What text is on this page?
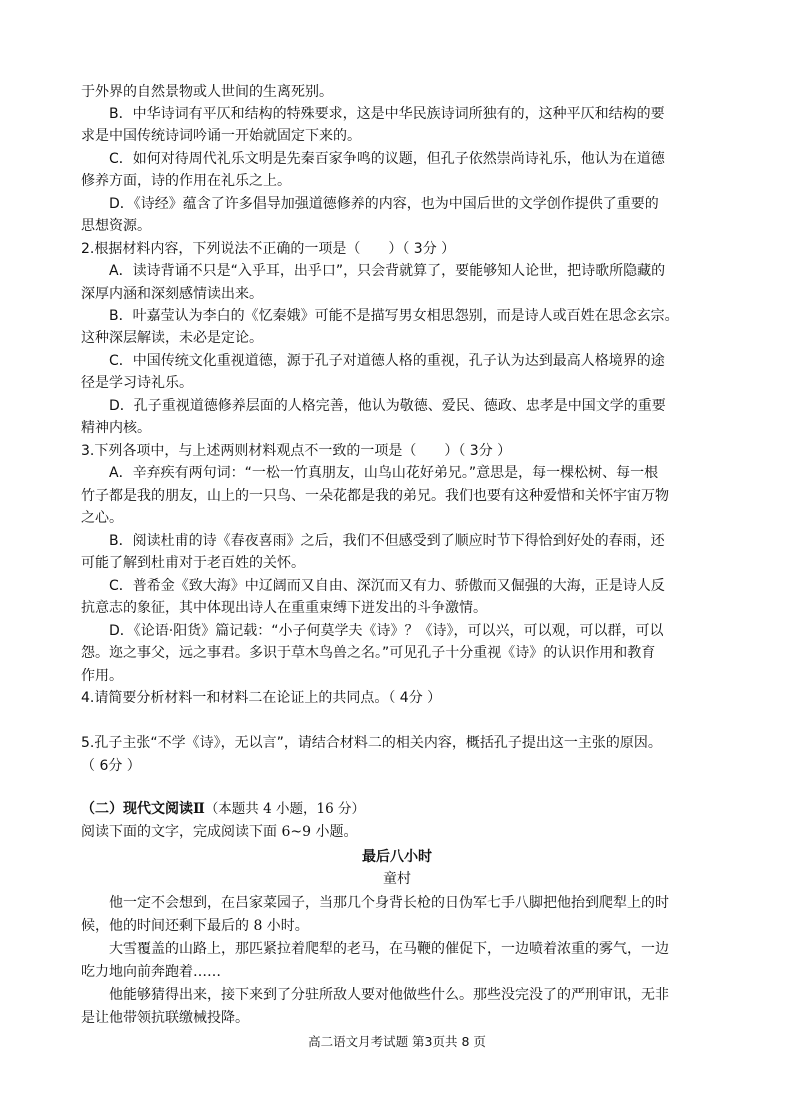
于外界的自然景物或人世间的生离死别。
B．中华诗词有平仄和结构的特殊要求，这是中华民族诗词所独有的，这种平仄和结构的要
求是中国传统诗词吟诵一开始就固定下来的。
C．如何对待周代礼乐文明是先秦百家争鸣的议题，但孔子依然崇尚诗礼乐，他认为在道德
修养方面，诗的作用在礼乐之上。
D．《诗经》蕴含了许多倡导加强道德修养的内容，也为中国后世的文学创作提供了重要的
思想资源。
2.根据材料内容，下列说法不正确的一项是（　　）（ 3分 ）
A．读诗背诵不只是“入乎耳，出乎口”，只会背就算了，要能够知人论世，把诗歌所隐藏的
深厚内涵和深刻感情读出来。
B．叶嘉莹认为李白的《忆秦娥》可能不是描写男女相思怨别，而是诗人或百姓在思念玄宗。
这种深层解读，未必是定论。
C．中国传统文化重视道德，源于孔子对道德人格的重视，孔子认为达到最高人格境界的途
径是学习诗礼乐。
D．孔子重视道德修养层面的人格完善，他认为敬德、爱民、德政、忠孝是中国文学的重要
精神内核。
3.下列各项中，与上述两则材料观点不一致的一项是（　　）（ 3分 ）
A．辛弃疾有两句词：“一松一竹真朋友，山鸟山花好弟兄。”意思是，每一棵松树、每一根
竹子都是我的朋友，山上的一只鸟、一朵花都是我的弟兄。我们也要有这种爱惜和关怀宇宙万物
之心。
B．阅读杜甫的诗《春夜喜雨》之后，我们不但感受到了顺应时节下得恰到好处的春雨，还
可能了解到杜甫对于老百姓的关怀。
C．普希金《致大海》中辽阔而又自由、深沉而又有力、骄傲而又倔强的大海，正是诗人反
抗意志的象征，其中体现出诗人在重重束缚下迸发出的斗争激情。
D．《论语·阳货》篇记载：“小子何莫学夫《诗》？《诗》，可以兴，可以观，可以群，可以
怨。迩之事父，远之事君。多识于草木鸟兽之名。”可见孔子十分重视《诗》的认识作用和教育
作用。
4.请简要分析材料一和材料二在论证上的共同点。（ 4分 ）
5.孔子主张“不学《诗》，无以言”，请结合材料二的相关内容，概括孔子提出这一主张的原因。
（ 6分 ）
（二）现代文阅读Ⅱ（本题共 4 小题，16 分）
阅读下面的文字，完成阅读下面 6~9 小题。
最后八小时
童村
他一定不会想到，在吕家菜园子，当那几个身背长枪的日伪军七手八脚把他抬到爬犁上的时
候，他的时间还剩下最后的 8 小时。
大雪覆盖的山路上，那匹紧拉着爬犁的老马，在马鞭的催促下，一边喷着浓重的雾气，一边
吃力地向前奔跑着……
他能够猜得出来，接下来到了分驻所敌人要对他做些什么。那些没完没了的严刑审讯，无非
是让他带领抗联缴械投降。
高二语文月考试题 第3页共 8 页
